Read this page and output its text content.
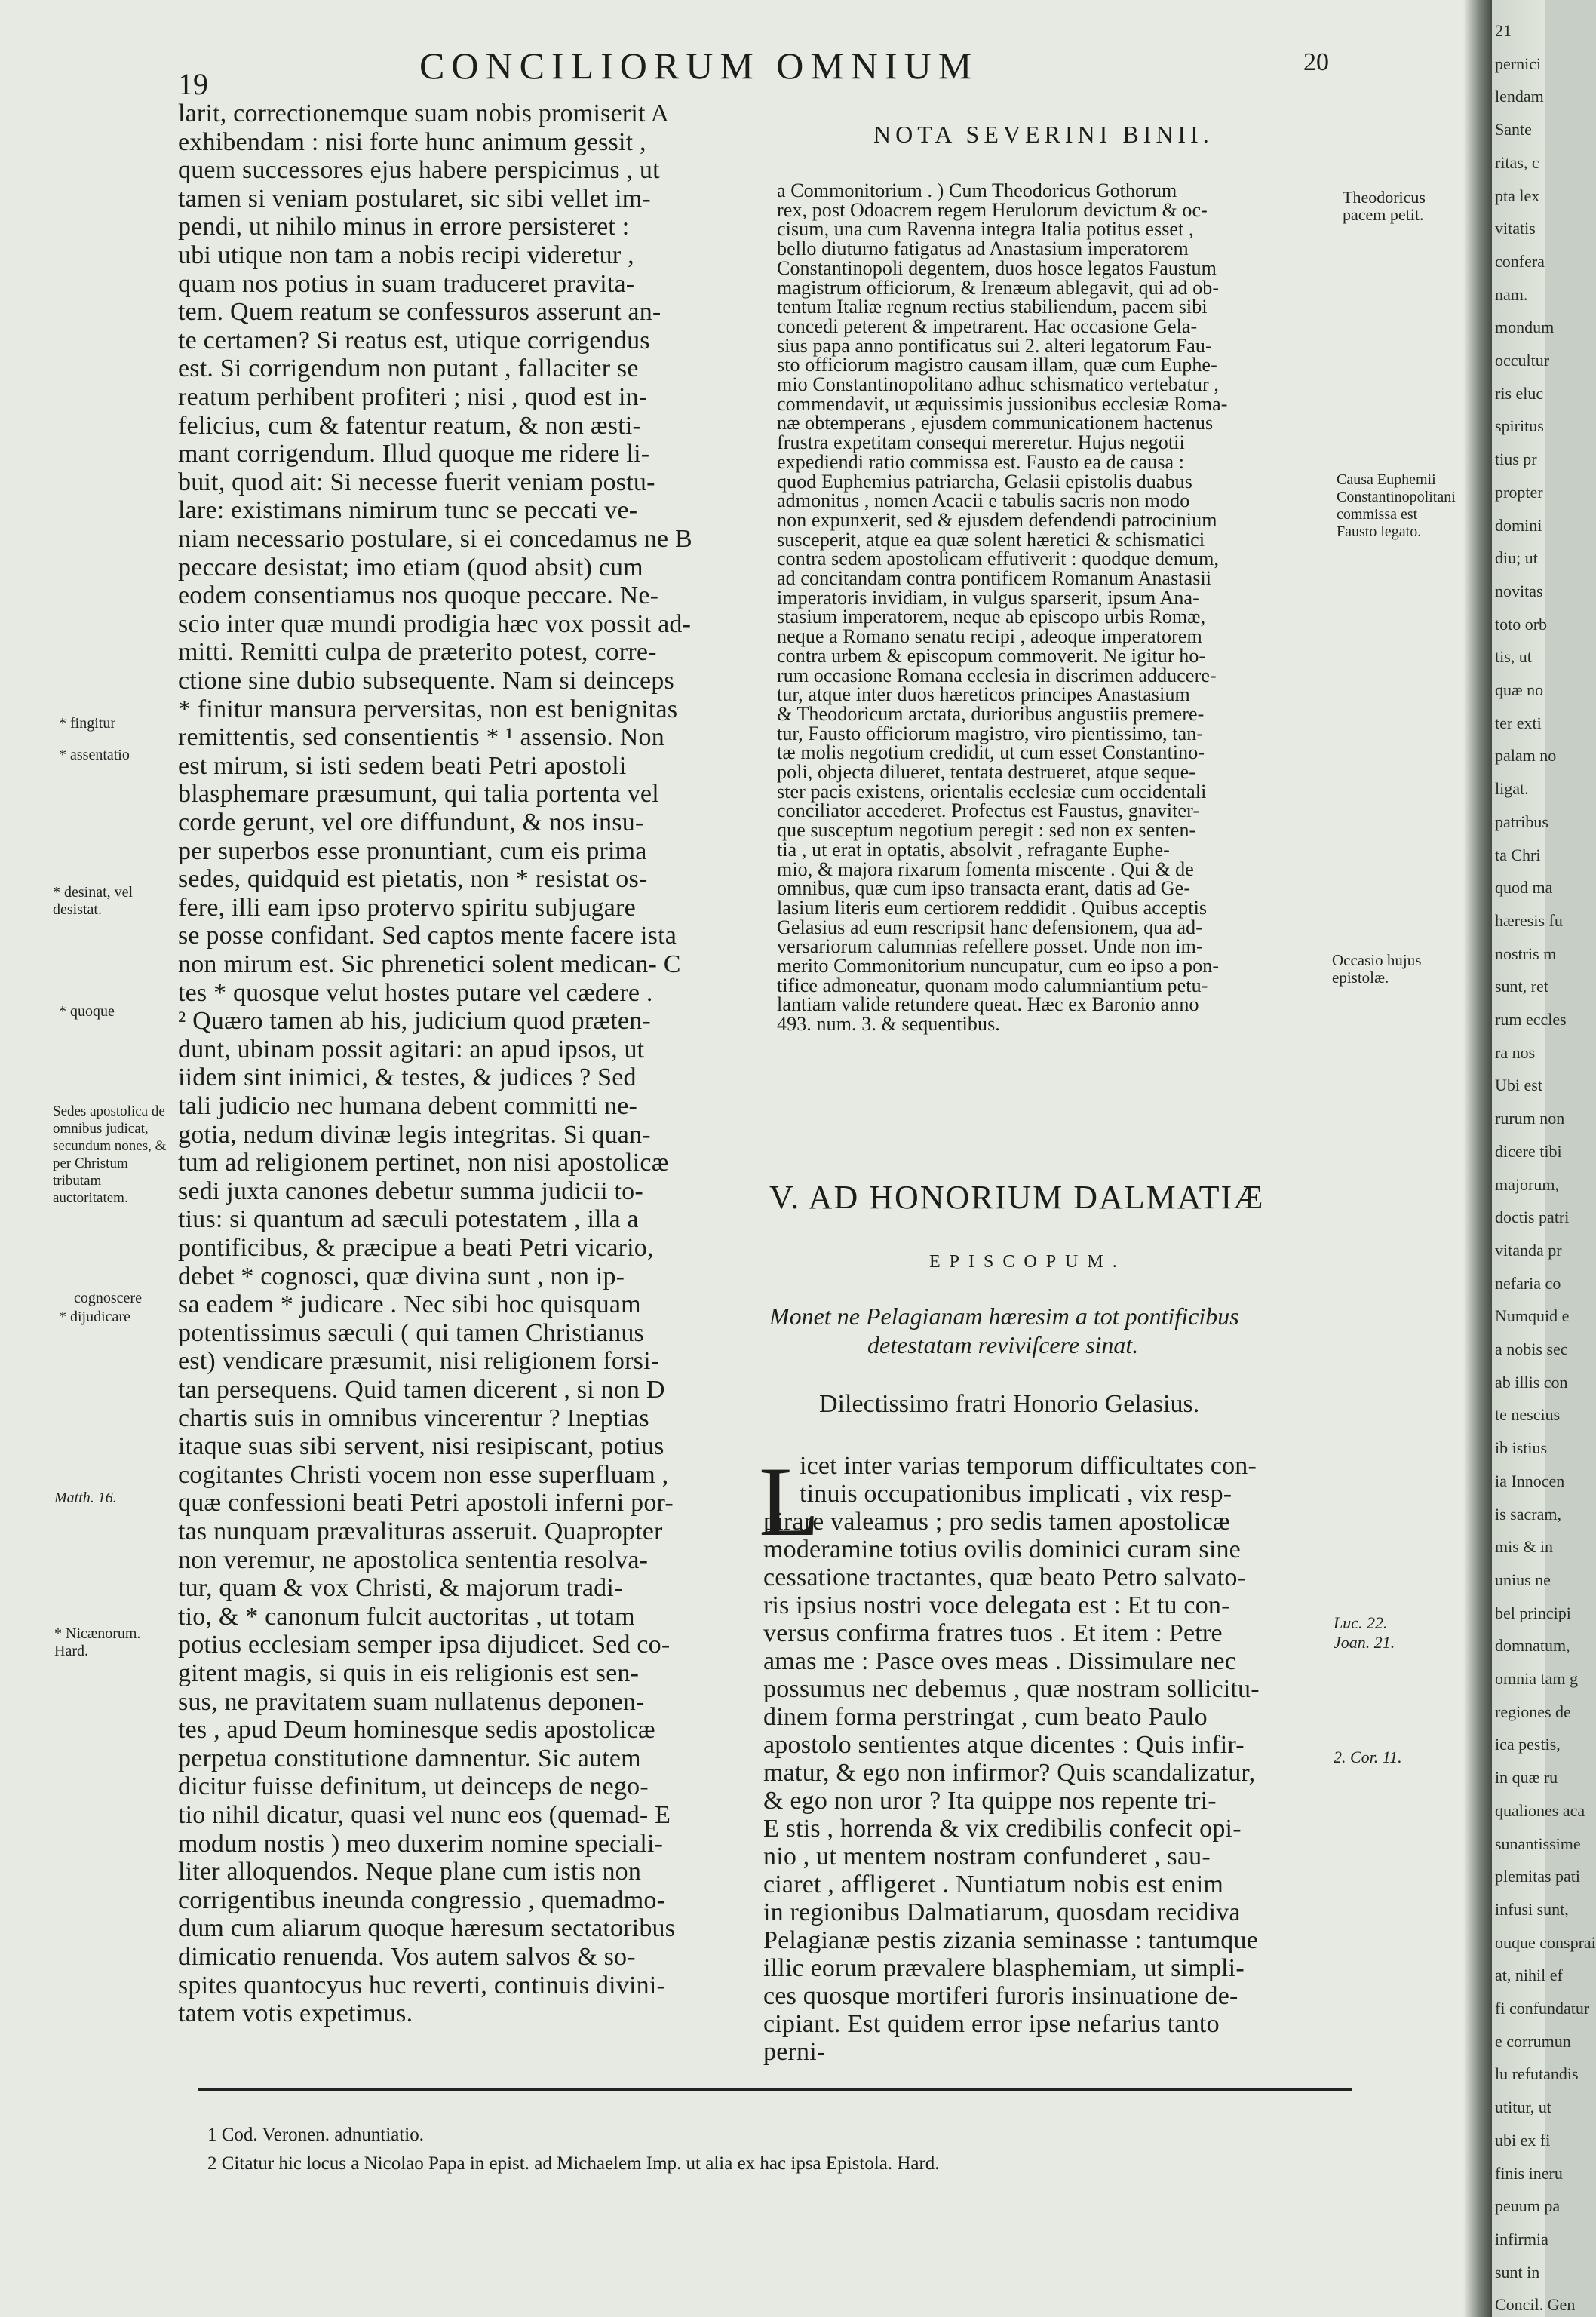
19	CONCILIORUM OMNIUM	20
larit, correctionemque suam nobis promiserit A
exhibendam : nisi forte hunc animum gessit ,
quem successores ejus habere perspicimus , ut
tamen si veniam postularet, sic sibi vellet im-
pendi, ut nihilo minus in errore persisteret :
ubi utique non tam a nobis recipi videretur ,
quam nos potius in suam traduceret pravita-
tem. Quem reatum se confessuros asserunt an-
te certamen? Si reatus est, utique corrigendus
est. Si corrigendum non putant , fallaciter se
reatum perhibent profiteri ; nisi , quod est in-
felicius, cum & fatentur reatum, & non æsti-
mant corrigendum. Illud quoque me ridere li-
buit, quod ait: Si necesse fuerit veniam postu-
lare: existimans nimirum tunc se peccati ve-
niam necessario postulare, si ei concedamus ne B
peccare desistat; imo etiam (quod absit) cum
eodem consentiamus nos quoque peccare. Ne-
scio inter quæ mundi prodigia hæc vox possit ad-
mitti. Remitti culpa de præterito potest, corre-
ctione sine dubio subsequente. Nam si deinceps
* finitur mansura perversitas, non est benignitas
remittentis, sed consentientis * ¹ assensio. Non
est mirum, si isti sedem beati Petri apostoli
blasphemare præsumunt, qui talia portenta vel
corde gerunt, vel ore diffundunt, & nos insu-
per superbos esse pronuntiant, cum eis prima
sedes, quidquid est pietatis, non * resistat os-
fere, illi eam ipso protervo spiritu subjugare
se posse confidant. Sed captos mente facere ista
non mirum est. Sic phrenetici solent medican- C
tes * quosque velut hostes putare vel cædere .
² Quæro tamen ab his, judicium quod præten-
dunt, ubinam possit agitari: an apud ipsos, ut
iidem sint inimici, & testes, & judices ? Sed
tali judicio nec humana debent committi ne-
gotia, nedum divinæ legis integritas. Si quan-
tum ad religionem pertinet, non nisi apostolicæ
sedi juxta canones debetur summa judicii to-
tius: si quantum ad sæculi potestatem , illa a
pontificibus, & præcipue a beati Petri vicario,
debet * cognosci, quæ divina sunt , non ip-
sa eadem * judicare . Nec sibi hoc quisquam
potentissimus sæculi ( qui tamen Christianus
est) vendicare præsumit, nisi religionem forsi-
tan persequens. Quid tamen dicerent , si non D
chartis suis in omnibus vincerentur ? Ineptias
itaque suas sibi servent, nisi resipiscant, potius
cogitantes Christi vocem non esse superfluam ,
quæ confessioni beati Petri apostoli inferni por-
tas nunquam prævalituras asseruit. Quapropter
non veremur, ne apostolica sententia resolva-
tur, quam & vox Christi, & majorum tradi-
tio, & * canonum fulcit auctoritas , ut totam
potius ecclesiam semper ipsa dijudicet. Sed co-
gitent magis, si quis in eis religionis est sen-
sus, ne pravitatem suam nullatenus deponen-
tes , apud Deum hominesque sedis apostolicæ
perpetua constitutione damnentur. Sic autem
dicitur fuisse definitum, ut deinceps de nego-
tio nihil dicatur, quasi vel nunc eos (quemad- E
modum nostis ) meo duxerim nomine speciali-
liter alloquendos. Neque plane cum istis non
corrigentibus ineunda congressio , quemadmo-
dum cum aliarum quoque hæresum sectatoribus
dimicatio renuenda. Vos autem salvos & so-
spites quantocyus huc reverti, continuis divini-
tatem votis expetimus.
* fingitur
* assentatio
* desinat, vel desistat.
* quoque
Sedes apostolica de omnibus judicat, secundum nones, & per Christum tributam auctoritatem.
cognoscere
* dijudicare
Matth. 16.
* Nicænorum. Hard.
NOTA SEVERINI BINII.
a Commonitorium . ) Cum Theodoricus Gothorum
rex, post Odoacrem regem Herulorum devictum & oc-
cisum, una cum Ravenna integra Italia potitus esset ,
bello diuturno fatigatus ad Anastasium imperatorem
Constantinopoli degentem, duos hosce legatos Faustum
magistrum officiorum, & Irenæum ablegavit, qui ad ob-
tentum Italiæ regnum rectius stabiliendum, pacem sibi
concedi peterent & impetrarent. Hac occasione Gela-
sius papa anno pontificatus sui 2. alteri legatorum Fau-
sto officiorum magistro causam illam, quæ cum Euphe-
mio Constantinopolitano adhuc schismatico vertebatur ,
commendavit, ut æquissimis jussionibus ecclesiæ Roma-
næ obtemperans , ejusdem communicationem hactenus
frustra expetitam consequi mereretur. Hujus negotii
expediendi ratio commissa est. Fausto ea de causa :
quod Euphemius patriarcha, Gelasii epistolis duabus
admonitus , nomen Acacii e tabulis sacris non modo
non expunxerit, sed & ejusdem defendendi patrocinium
susceperit, atque ea quæ solent hæretici & schismatici
contra sedem apostolicam effutiverit : quodque demum,
ad concitandam contra pontificem Romanum Anastasii
imperatoris invidiam, in vulgus sparserit, ipsum Ana-
stasium imperatorem, neque ab episcopo urbis Romæ,
neque a Romano senatu recipi , adeoque imperatorem
contra urbem & episcopum commoverit. Ne igitur ho-
rum occasione Romana ecclesia in discrimen adducere-
tur, atque inter duos hæreticos principes Anastasium
& Theodoricum arctata, durioribus angustiis premere-
tur, Fausto officiorum magistro, viro pientissimo, tan-
tæ molis negotium credidit, ut cum esset Constantino-
poli, objecta dilueret, tentata destrueret, atque seque-
ster pacis existens, orientalis ecclesiæ cum occidentali
conciliator accederet. Profectus est Faustus, gnaviter-
que susceptum negotium peregit : sed non ex senten-
tia , ut erat in optatis, absolvit , refragante Euphe-
mio, & majora rixarum fomenta miscente . Qui & de
omnibus, quæ cum ipso transacta erant, datis ad Ge-
lasium literis eum certiorem reddidit . Quibus acceptis
Gelasius ad eum rescripsit hanc defensionem, qua ad-
versariorum calumnias refellere posset. Unde non im-
merito Commonitorium nuncupatur, cum eo ipso a pon-
tifice admoneatur, quonam modo calumniantium petu-
lantiam valide retundere queat. Hæc ex Baronio anno
493. num. 3. & sequentibus.
Theodoricus pacem petit.
Causa Euphemii Constantinopolitani commissa est Fausto legato.
Occasio hujus epistolæ.
V. AD HONORIUM DALMATIÆ
EPISCOPUM.
Monet ne Pelagianam hæresim a tot pontificibus
detestatam revivifcere sinat.
Dilectissimo fratri Honorio Gelasius.
L
icet inter varias temporum difficultates con-
tinuis occupationibus implicati , vix resp-
pirare valeamus ; pro sedis tamen apostolicæ
moderamine totius ovilis dominici curam sine
cessatione tractantes, quæ beato Petro salvato-
ris ipsius nostri voce delegata est : Et tu con-
versus confirma fratres tuos . Et item : Petre
amas me : Pasce oves meas . Dissimulare nec
possumus nec debemus , quæ nostram sollicitu-
dinem forma perstringat , cum beato Paulo
apostolo sentientes atque dicentes : Quis infir-
matur, & ego non infirmor? Quis scandalizatur,
& ego non uror ? Ita quippe nos repente tri-
E stis , horrenda & vix credibilis confecit opi-
nio , ut mentem nostram confunderet , sau-
ciaret , affligeret . Nuntiatum nobis est enim
in regionibus Dalmatiarum, quosdam recidiva
Pelagianæ pestis zizania seminasse : tantumque
illic eorum prævalere blasphemiam, ut simpli-
ces quosque mortiferi furoris insinuatione de-
cipiant. Est quidem error ipse nefarius tanto
perni-
Luc. 22.
Joan. 21.
2. Cor. 11.
1 Cod. Veronen. adnuntiatio.
2 Citatur hic locus a Nicolao Papa in epist. ad Michaelem Imp. ut alia ex hac ipsa Epistola. Hard.
21
pernici
lendam
Sante
ritas, c
pta lex
vitatis
confera
nam.
mondum
occultur
ris eluc
spiritus
tius pr
propter
domini
diu; ut
novitas
toto orb
tis, ut
quæ no
ter exti
palam no
ligat.
patribus
ta Chri
quod ma
hæresis fu
nostris m
sunt, ret
rum eccles
ra nos
Ubi est
rurum non
dicere tibi
majorum,
doctis patri
vitanda pr
nefaria co
Numquid e
a nobis sec
ab illis con
te nescius
ib istius
ia Innocen
is sacram,
mis & in
unius ne
bel principi
domnatum,
omnia tam g
regiones de
ica pestis,
in quæ ru
qualiones aca
sunantissime
plemitas pati
infusi sunt,
ouque consprai
at, nihil ef
fi confundatur
e corrumun
lu refutandis
utitur, ut
ubi ex fi
finis ineru
peuum pa
infirmia
sunt in
Concil. Gen
